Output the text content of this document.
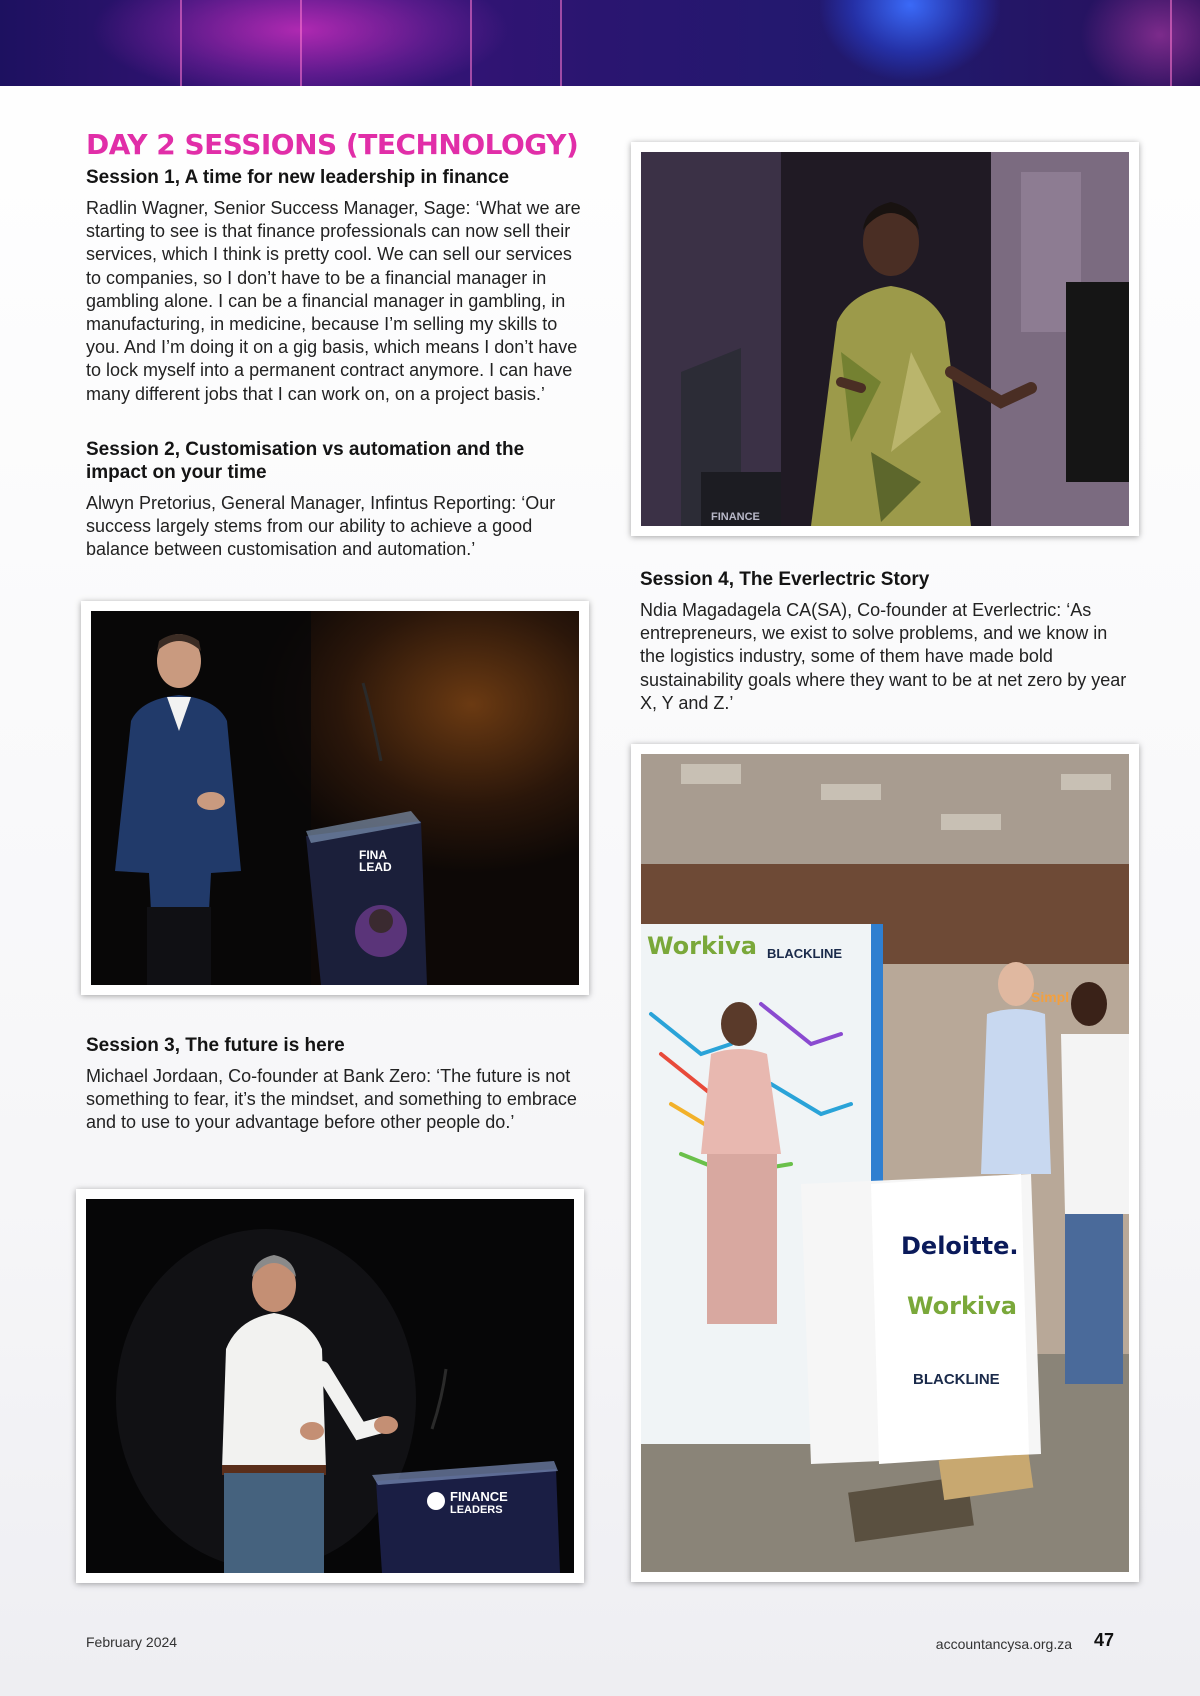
DAY 2 SESSIONS (TECHNOLOGY)
Session 1, A time for new leadership in finance

Radlin Wagner, Senior Success Manager, Sage: ‘What we are starting to see is that finance professionals can now sell their services, which I think is pretty cool. We can sell our services to companies, so I don’t have to be a financial manager in gambling alone. I can be a financial manager in gambling, in manufacturing, in medicine, because I’m selling my skills to you. And I’m doing it on a gig basis, which means I don’t have to lock myself into a permanent contract anymore. I can have many different jobs that I can work on, on a project basis.’

Session 2, Customisation vs automation and the impact on your time

Alwyn Pretorius, General Manager, Infintus Reporting: ‘Our success largely stems from our ability to achieve a good balance between customisation and automation.’

Session 3, The future is here

Michael Jordaan, Co-founder at Bank Zero: ‘The future is not something to fear, it’s the mindset, and something to embrace and to use to your advantage before other people do.’

Session 4, The Everlectric Story

Ndia Magadagela CA(SA), Co-founder at Everlectric: ‘As entrepreneurs, we exist to solve problems, and we know in the logistics industry, some of them have made bold sustainability goals where they want to be at net zero by year X, Y and Z.’

FINA LEAD
FINANCE
FINANCE
LEADERS
Workiva BLACKLINE
Simpl
Deloitte.
Workiva
BLACKLINE
February 2024	accountancysa.org.za 47
